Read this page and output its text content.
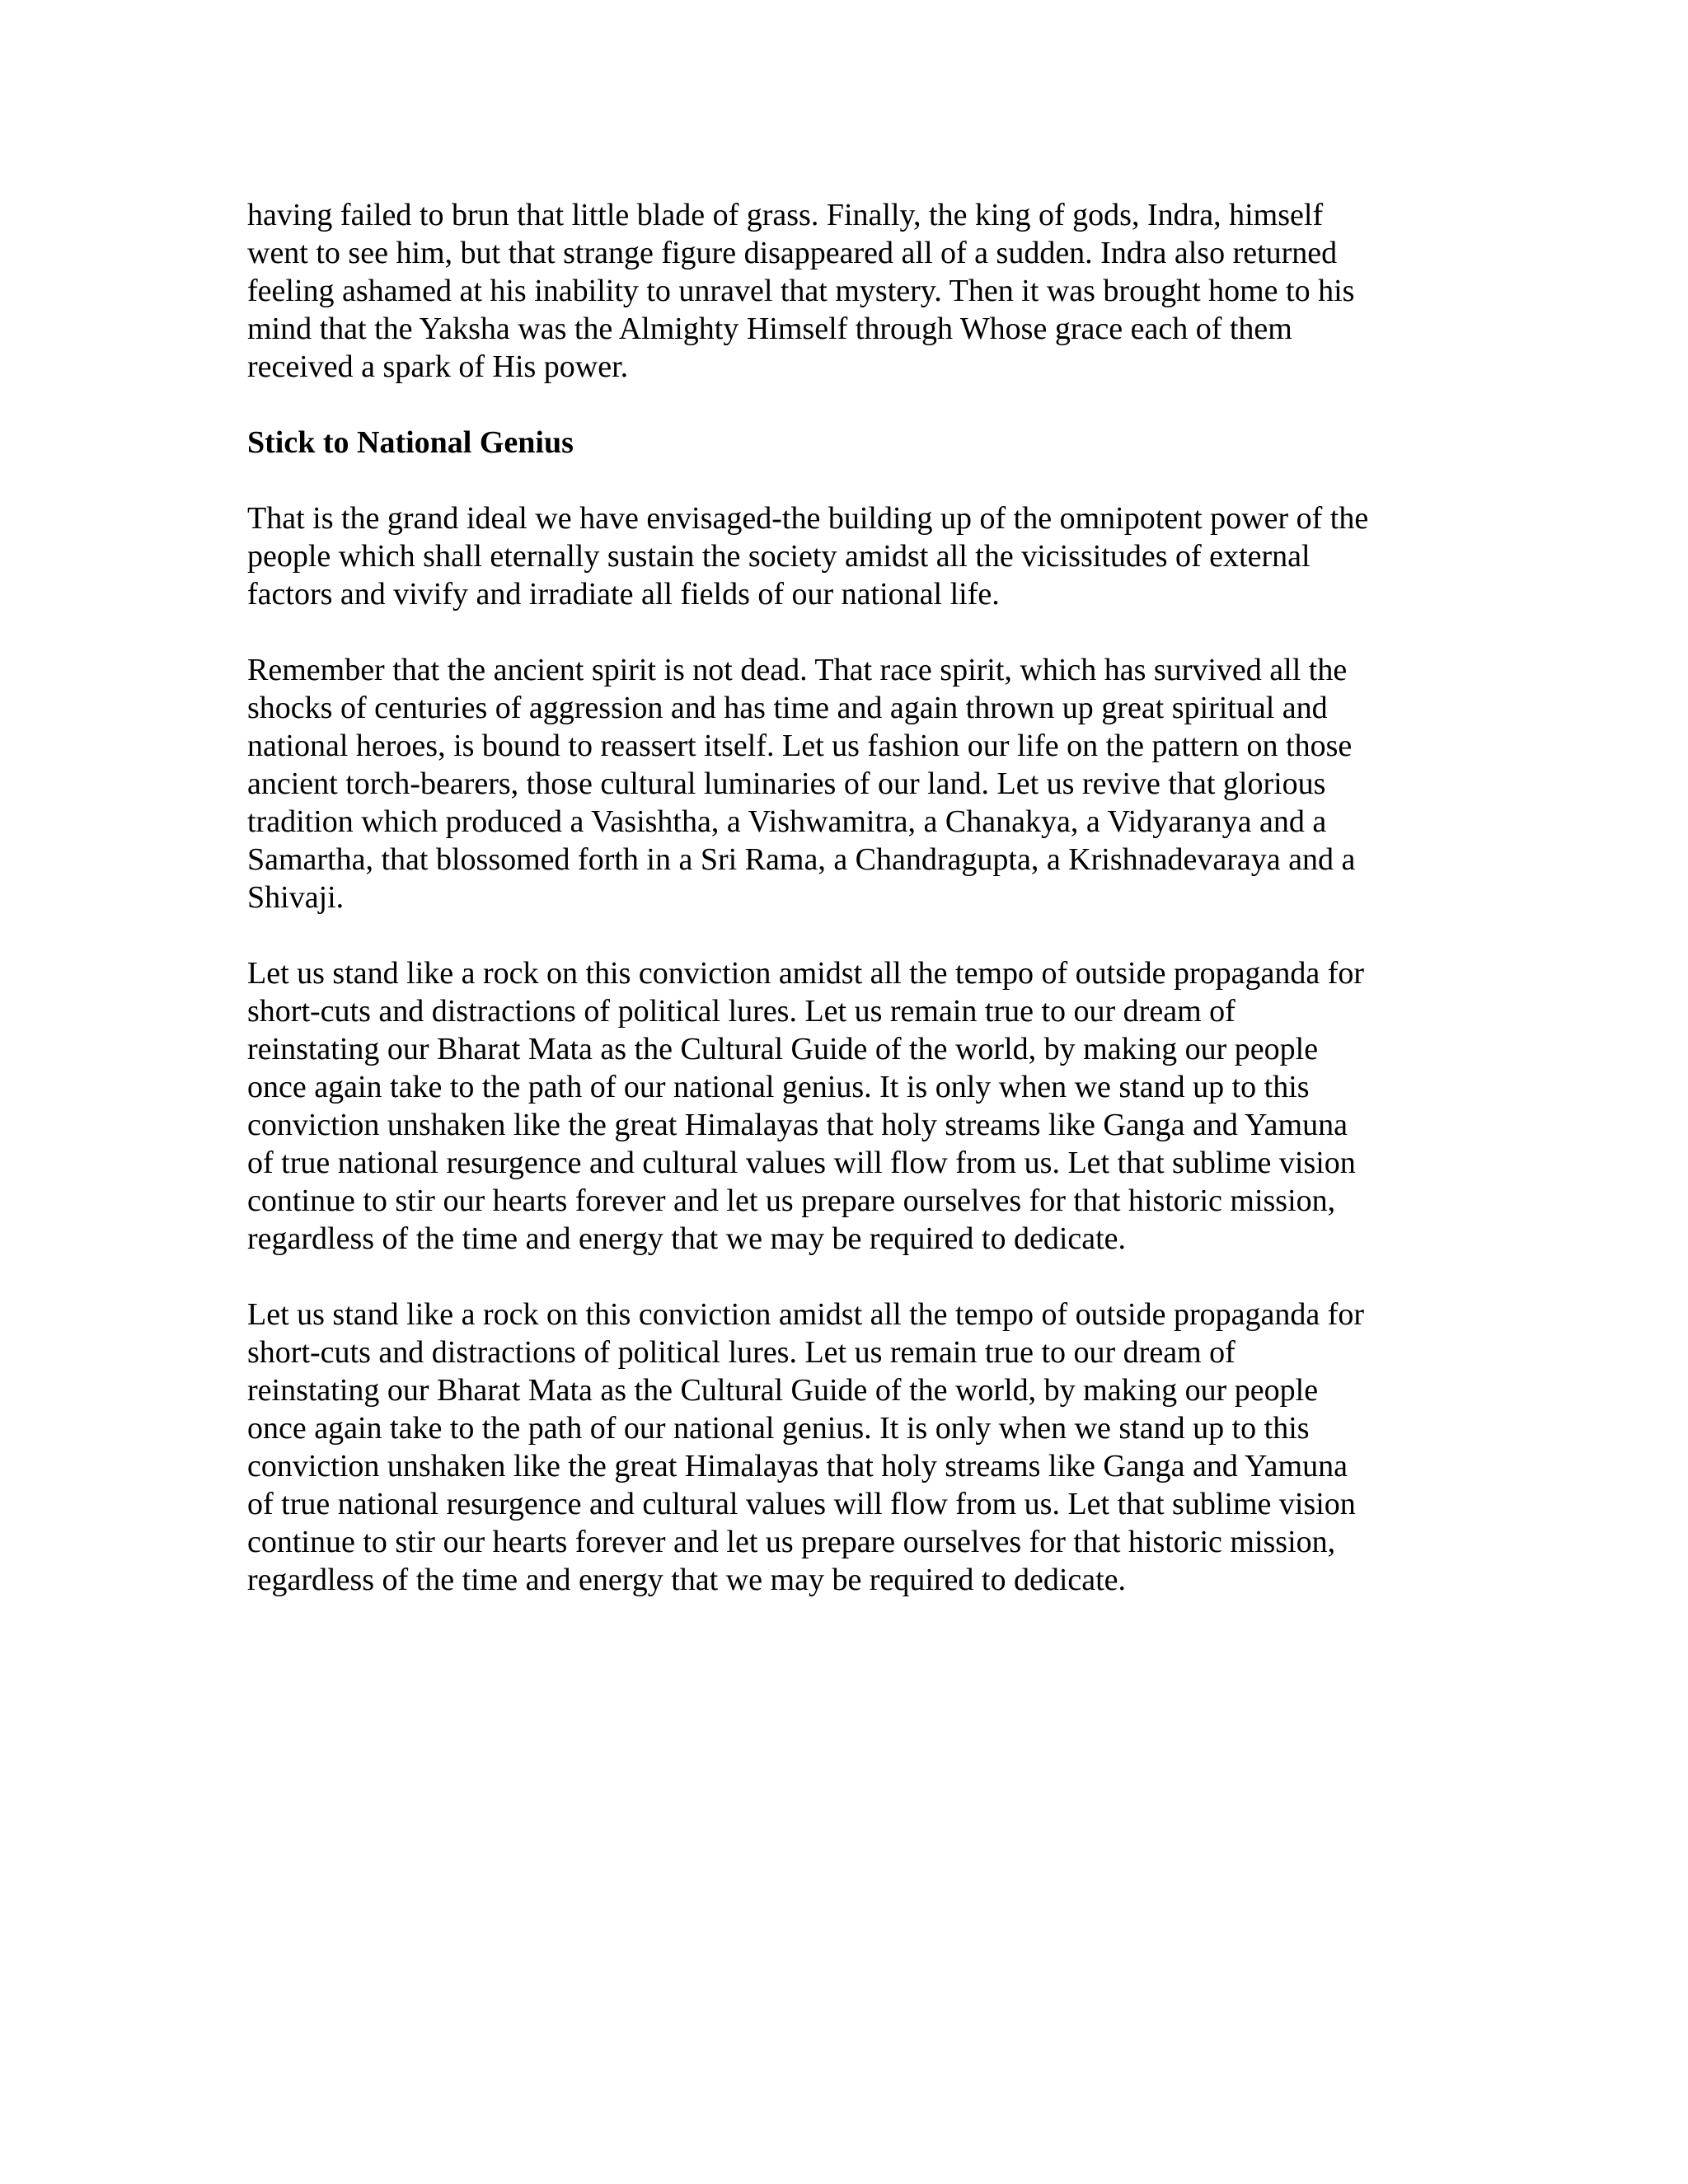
having failed to brun that little blade of grass. Finally, the king of gods, Indra, himself
went to see him, but that strange figure disappeared all of a sudden. Indra also returned
feeling ashamed at his inability to unravel that mystery. Then it was brought home to his
mind that the Yaksha was the Almighty Himself through Whose grace each of them
received a spark of His power.
Stick to National Genius
That is the grand ideal we have envisaged-the building up of the omnipotent power of the
people which shall eternally sustain the society amidst all the vicissitudes of external
factors and vivify and irradiate all fields of our national life.
Remember that the ancient spirit is not dead. That race spirit, which has survived all the
shocks of centuries of aggression and has time and again thrown up great spiritual and
national heroes, is bound to reassert itself. Let us fashion our life on the pattern on those
ancient torch-bearers, those cultural luminaries of our land. Let us revive that glorious
tradition which produced a Vasishtha, a Vishwamitra, a Chanakya, a Vidyaranya and a
Samartha, that blossomed forth in a Sri Rama, a Chandragupta, a Krishnadevaraya and a
Shivaji.
Let us stand like a rock on this conviction amidst all the tempo of outside propaganda for
short-cuts and distractions of political lures. Let us remain true to our dream of
reinstating our Bharat Mata as the Cultural Guide of the world, by making our people
once again take to the path of our national genius. It is only when we stand up to this
conviction unshaken like the great Himalayas that holy streams like Ganga and Yamuna
of true national resurgence and cultural values will flow from us. Let that sublime vision
continue to stir our hearts forever and let us prepare ourselves for that historic mission,
regardless of the time and energy that we may be required to dedicate.
Let us stand like a rock on this conviction amidst all the tempo of outside propaganda for
short-cuts and distractions of political lures. Let us remain true to our dream of
reinstating our Bharat Mata as the Cultural Guide of the world, by making our people
once again take to the path of our national genius. It is only when we stand up to this
conviction unshaken like the great Himalayas that holy streams like Ganga and Yamuna
of true national resurgence and cultural values will flow from us. Let that sublime vision
continue to stir our hearts forever and let us prepare ourselves for that historic mission,
regardless of the time and energy that we may be required to dedicate.
